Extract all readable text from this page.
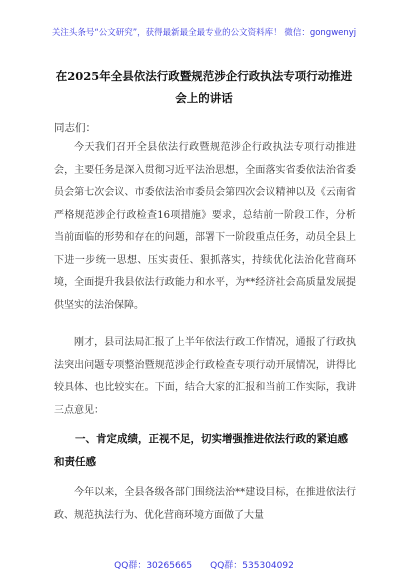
关注头条号“公文研究”，获得最新最全最专业的公文资料库！ 微信：gongwenyj
在2025年全县依法行政暨规范涉企行政执法专项行动推进
会上的讲话
同志们：

今天我们召开全县依法行政暨规范涉企行政执法专项行动推进会，主要任务是深入贯彻习近平法治思想，全面落实省委依法治省委员会第七次会议、市委依法治市委员会第四次会议精神以及《云南省严格规范涉企行政检查16项措施》要求，总结前一阶段工作，分析当前面临的形势和存在的问题，部署下一阶段重点任务，动员全县上下进一步统一思想、压实责任、狠抓落实，持续优化法治化营商环境，全面提升我县依法行政能力和水平，为**经济社会高质量发展提供坚实的法治保障。

刚才，县司法局汇报了上半年依法行政工作情况，通报了行政执法突出问题专项整治暨规范涉企行政检查专项行动开展情况，讲得比较具体、也比较实在。下面，结合大家的汇报和当前工作实际，我讲三点意见：

一、肯定成绩，正视不足，切实增强推进依法行政的紧迫感和责任感

今年以来，全县各级各部门围绕法治**建设目标，在推进依法行政、规范执法行为、优化营商环境方面做了大量

QQ群：30265665　　QQ群：535304092
